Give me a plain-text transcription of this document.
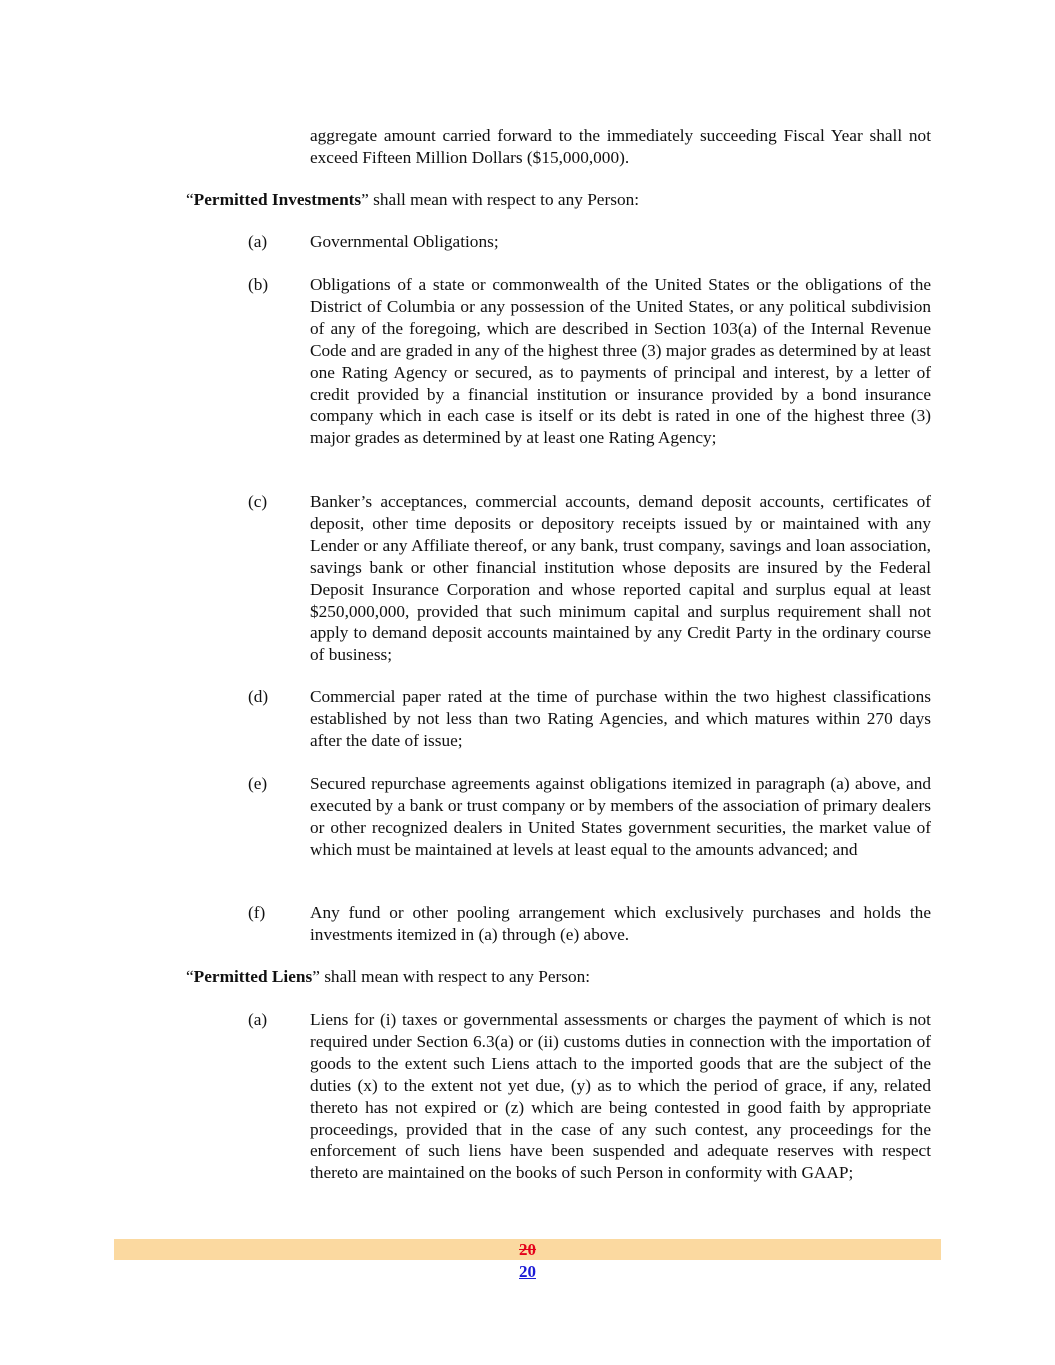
aggregate amount carried forward to the immediately succeeding Fiscal Year shall not exceed Fifteen Million Dollars ($15,000,000).

“Permitted Investments” shall mean with respect to any Person:

(a) Governmental Obligations;

(b) Obligations of a state or commonwealth of the United States or the obligations of the District of Columbia or any possession of the United States, or any political subdivision of any of the foregoing, which are described in Section 103(a) of the Internal Revenue Code and are graded in any of the highest three (3) major grades as determined by at least one Rating Agency or secured, as to payments of principal and interest, by a letter of credit provided by a financial institution or insurance provided by a bond insurance company which in each case is itself or its debt is rated in one of the highest three (3) major grades as determined by at least one Rating Agency;

(c) Banker’s acceptances, commercial accounts, demand deposit accounts, certificates of deposit, other time deposits or depository receipts issued by or maintained with any Lender or any Affiliate thereof, or any bank, trust company, savings and loan association, savings bank or other financial institution whose deposits are insured by the Federal Deposit Insurance Corporation and whose reported capital and surplus equal at least $250,000,000, provided that such minimum capital and surplus requirement shall not apply to demand deposit accounts maintained by any Credit Party in the ordinary course of business;

(d) Commercial paper rated at the time of purchase within the two highest classifications established by not less than two Rating Agencies, and which matures within 270 days after the date of issue;

(e) Secured repurchase agreements against obligations itemized in paragraph (a) above, and executed by a bank or trust company or by members of the association of primary dealers or other recognized dealers in United States government securities, the market value of which must be maintained at levels at least equal to the amounts advanced; and

(f)	Any fund or other pooling arrangement which exclusively purchases and holds the investments itemized in (a) through (e) above.

“Permitted Liens” shall mean with respect to any Person:

(a) Liens for (i) taxes or governmental assessments or charges the payment of which is not required under Section 6.3(a) or (ii) customs duties in connection with the importation of goods to the extent such Liens attach to the imported goods that are the subject of the duties (x) to the extent not yet due, (y) as to which the period of grace, if any, related thereto has not expired or (z) which are being contested in good faith by appropriate proceedings, provided that in the case of any such contest, any proceedings for the enforcement of such liens have been suspended and adequate reserves with respect thereto are maintained on the books of such Person in conformity with GAAP;

20
20
